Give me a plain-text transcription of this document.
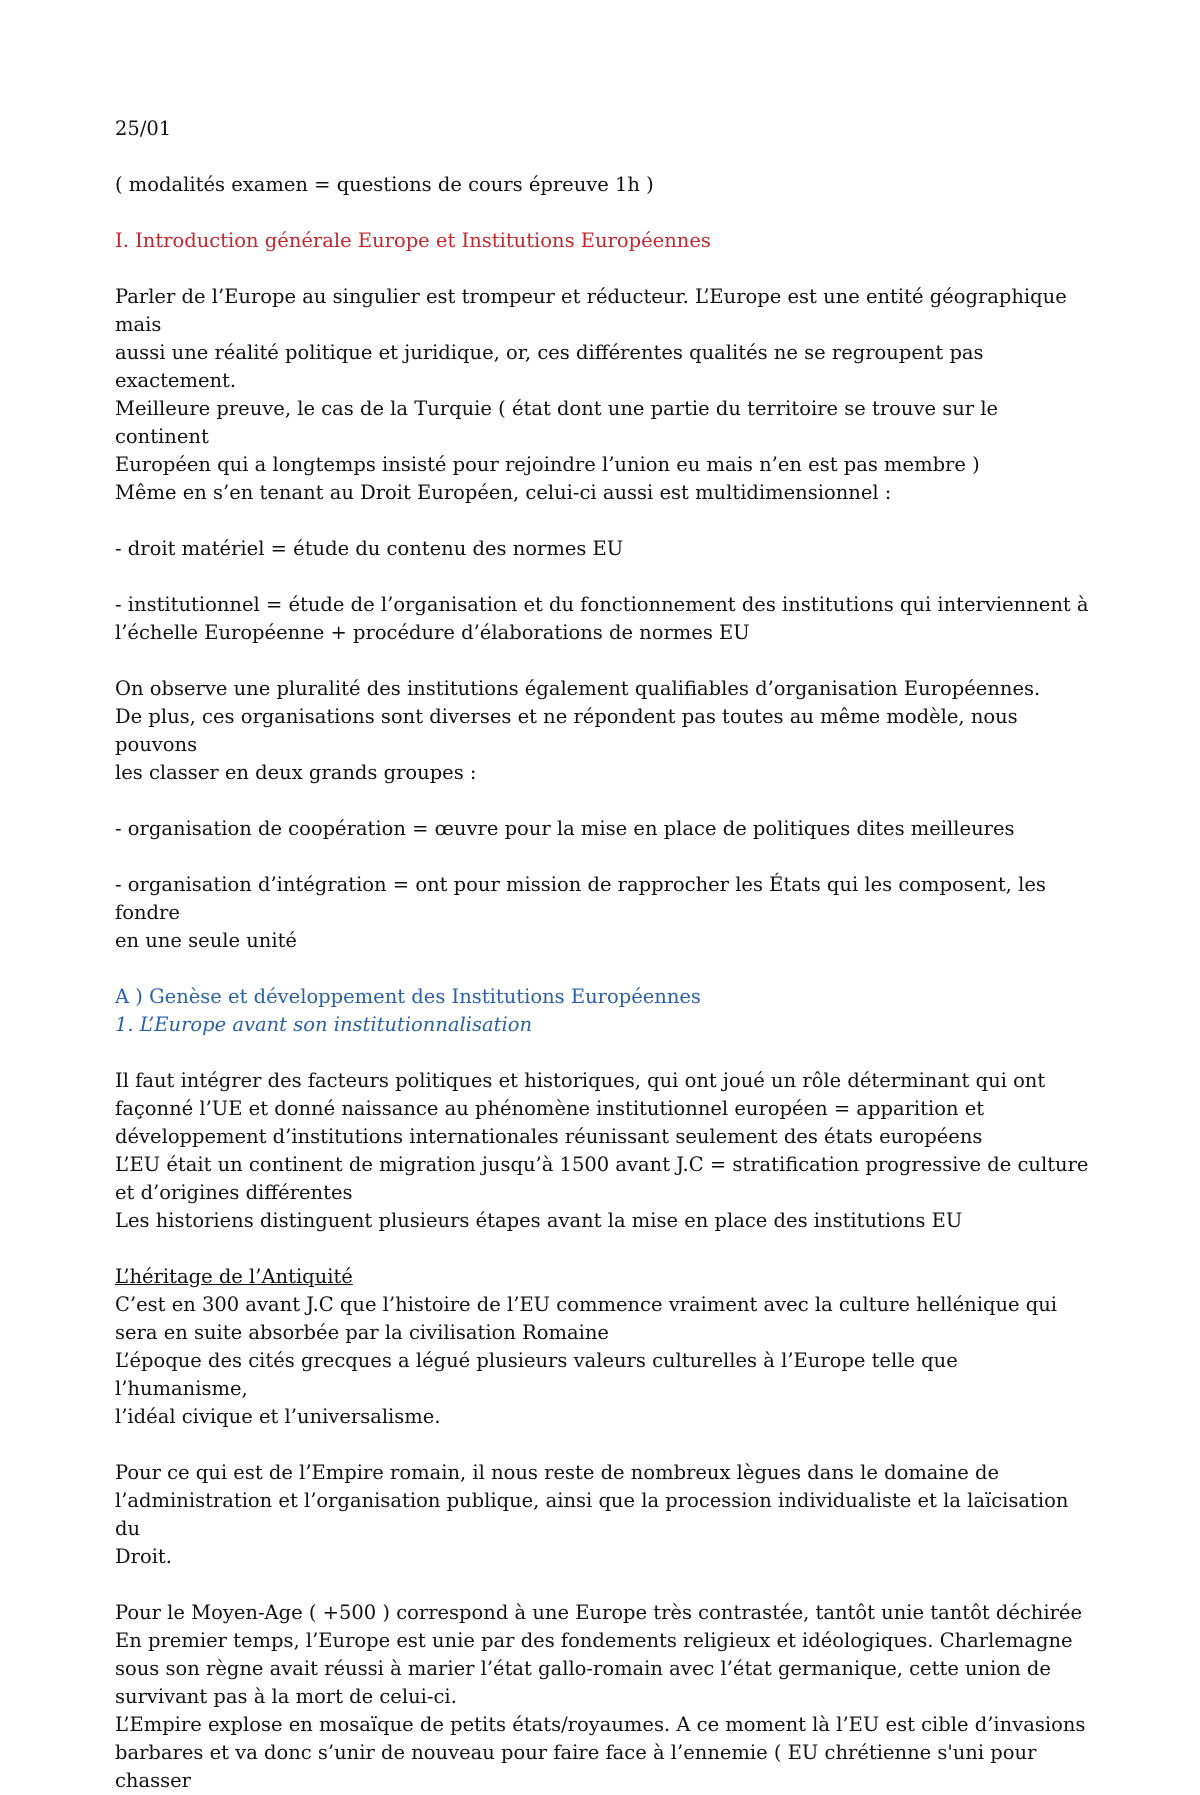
25/01

( modalités examen = questions de cours épreuve 1h )

I. Introduction générale Europe et Institutions Européennes

Parler de l’Europe au singulier est trompeur et réducteur. L’Europe est une entité géographique mais
aussi une réalité politique et juridique, or, ces différentes qualités ne se regroupent pas exactement.
Meilleure preuve, le cas de la Turquie ( état dont une partie du territoire se trouve sur le continent
Européen qui a longtemps insisté pour rejoindre l’union eu mais n’en est pas membre )
Même en s’en tenant au Droit Européen, celui-ci aussi est multidimensionnel :

- droit matériel = étude du contenu des normes EU

- institutionnel = étude de l’organisation et du fonctionnement des institutions qui interviennent à
l’échelle Européenne + procédure d’élaborations de normes EU

On observe une pluralité des institutions également qualifiables d’organisation Européennes.
De plus, ces organisations sont diverses et ne répondent pas toutes au même modèle, nous pouvons
les classer en deux grands groupes :

- organisation de coopération = œuvre pour la mise en place de politiques dites meilleures

- organisation d’intégration = ont pour mission de rapprocher les États qui les composent, les fondre
en une seule unité

A ) Genèse et développement des Institutions Européennes

1. L’Europe avant son institutionnalisation

Il faut intégrer des facteurs politiques et historiques, qui ont joué un rôle déterminant qui ont
façonné l’UE et donné naissance au phénomène institutionnel européen = apparition et
développement d’institutions internationales réunissant seulement des états européens
L’EU était un continent de migration jusqu’à 1500 avant J.C = stratification progressive de culture
et d’origines différentes
Les historiens distinguent plusieurs étapes avant la mise en place des institutions EU

L’héritage de l’Antiquité

C’est en 300 avant J.C que l’histoire de l’EU commence vraiment avec la culture hellénique qui
sera en suite absorbée par la civilisation Romaine
L’époque des cités grecques a légué plusieurs valeurs culturelles à l’Europe telle que l’humanisme,
l’idéal civique et l’universalisme.

Pour ce qui est de l’Empire romain, il nous reste de nombreux lègues dans le domaine de
l’administration et l’organisation publique, ainsi que la procession individualiste et la laïcisation du
Droit.

Pour le Moyen-Age ( +500 ) correspond à une Europe très contrastée, tantôt unie tantôt déchirée
En premier temps, l’Europe est unie par des fondements religieux et idéologiques. Charlemagne
sous son règne avait réussi à marier l’état gallo-romain avec l’état germanique, cette union de
survivant pas à la mort de celui-ci.
L’Empire explose en mosaïque de petits états/royaumes. A ce moment là l’EU est cible d’invasions
barbares et va donc s’unir de nouveau pour faire face à l’ennemie ( EU chrétienne s'uni pour chasser
